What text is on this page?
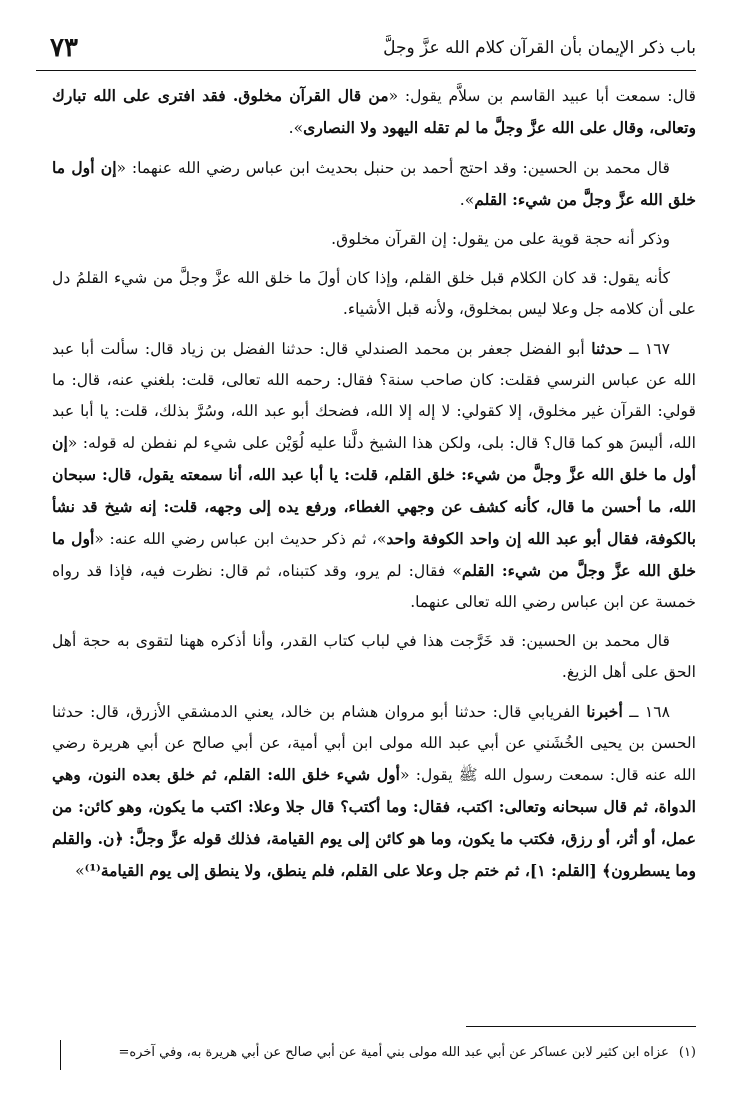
باب ذكر الإيمان بأن القرآن كلام الله عزَّ وجلَّ
٧٣

قال: سمعت أبا عبيد القاسم بن سلاَّم يقول: «من قال القرآن مخلوق. فقد افترى على الله تبارك وتعالى، وقال على الله عزَّ وجلَّ ما لم تقله اليهود ولا النصارى».

قال محمد بن الحسين: وقد احتج أحمد بن حنبل بحديث ابن عباس رضي الله عنهما: «إن أول ما خلق الله عزَّ وجلَّ من شيء: القلم».

وذكر أنه حجة قوية على من يقول: إن القرآن مخلوق.

كأنه يقول: قد كان الكلام قبل خلق القلم، وإذا كان أولَ ما خلق الله عزَّ وجلَّ من شيء القلمُ دل على أن كلامه جل وعلا ليس بمخلوق، ولأنه قبل الأشياء.

١٦٧ ــ حدثنا أبو الفضل جعفر بن محمد الصندلي قال: حدثنا الفضل بن زياد قال: سألت أبا عبد الله عن عباس النرسي فقلت: كان صاحب سنة؟ فقال: رحمه الله تعالى، قلت: بلغني عنه، قال: ما قولي: القرآن غير مخلوق، إلا كقولي: لا إله إلا الله، فضحك أبو عبد الله، وسُرَّ بذلك، قلت: يا أبا عبد الله، أليسَ هو كما قال؟ قال: بلى، ولكن هذا الشيخ دلَّنا عليه لُوَيْن على شيء لم نفطن له قوله: «إن أول ما خلق الله عزَّ وجلَّ من شيء: خلق القلم، قلت: يا أبا عبد الله، أنا سمعته يقول، قال: سبحان الله، ما أحسن ما قال، كأنه كشف عن وجهي الغطاء، ورفع يده إلى وجهه، قلت: إنه شيخ قد نشأ بالكوفة، فقال أبو عبد الله إن واحد الكوفة واحد»، ثم ذكر حديث ابن عباس رضي الله عنه: «أول ما خلق الله عزَّ وجلَّ من شيء: القلم» فقال: لم يرو، وقد كتبناه، ثم قال: نظرت فيه، فإذا قد رواه خمسة عن ابن عباس رضي الله تعالى عنهما.

قال محمد بن الحسين: قد خَرَّجت هذا في لباب كتاب القدر، وأنا أذكره ههنا لتقوى به حجة أهل الحق على أهل الزيغ.

١٦٨ ــ أخبرنا الفريابي قال: حدثنا أبو مروان هشام بن خالد، يعني الدمشقي الأزرق، قال: حدثنا الحسن بن يحيى الخُشَني عن أبي عبد الله مولى ابن أبي أمية، عن أبي صالح عن أبي هريرة رضي الله عنه قال: سمعت رسول الله ﷺ يقول: «أول شيء خلق الله: القلم، ثم خلق بعده النون، وهي الدواة، ثم قال سبحانه وتعالى: اكتب، فقال: وما أكتب؟ قال جلا وعلا: اكتب ما يكون، وهو كائن: من عمل، أو أثر، أو رزق، فكتب ما يكون، وما هو كائن إلى يوم القيامة، فذلك قوله عزَّ وجلَّ: ﴿ن. والقلم وما يسطرون﴾ [القلم: ١]، ثم ختم جل وعلا على القلم، فلم ينطق، ولا ينطق إلى يوم القيامة⁽¹⁾»

(١)عزاه ابن كثير لابن عساكر عن أبي عبد الله مولى بني أمية عن أبي صالح عن أبي هريرة به، وفي آخره=
